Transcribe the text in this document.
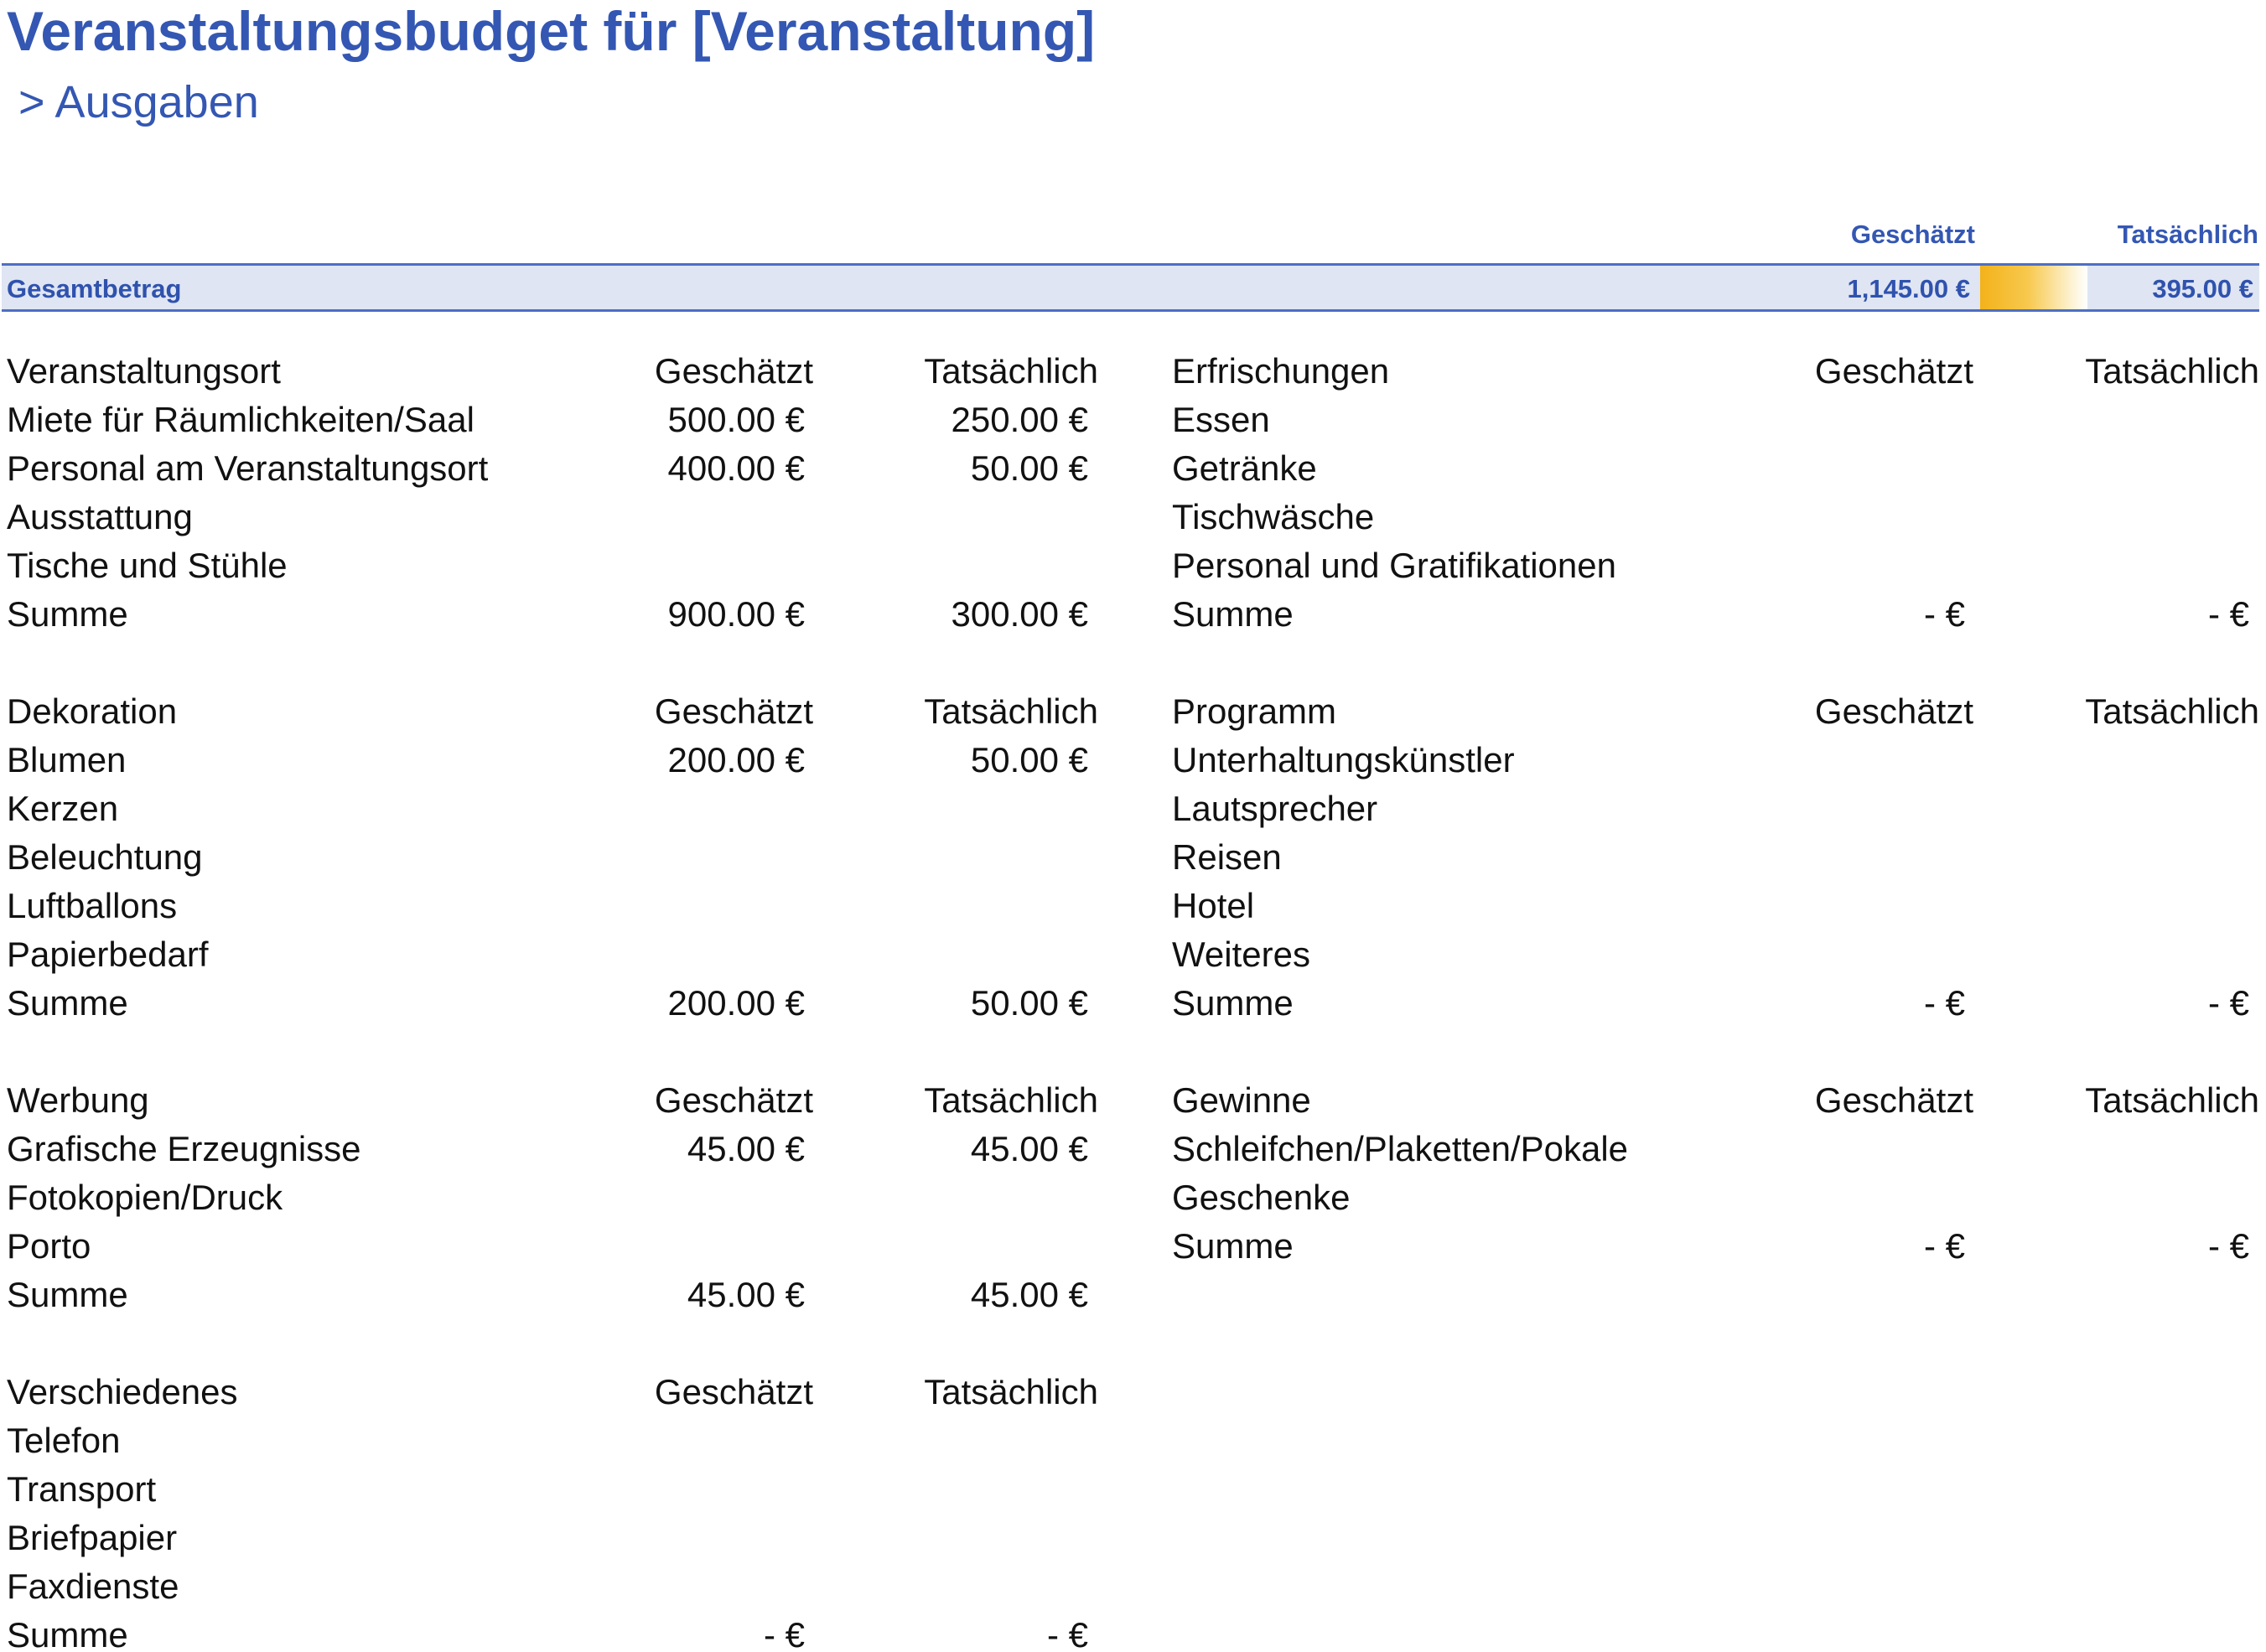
Veranstaltungsbudget für [Veranstaltung]
> Ausgaben
Geschätzt	Tatsächlich
Gesamtbetrag	1,145.00 €	395.00 €
Veranstaltungsort	Geschätzt	Tatsächlich
Miete für Räumlichkeiten/Saal	500.00 €	250.00 €
Personal am Veranstaltungsort	400.00 €	50.00 €
Ausstattung
Tische und Stühle
Summe	900.00 €	300.00 €
Dekoration	Geschätzt	Tatsächlich
Blumen	200.00 €	50.00 €
Kerzen
Beleuchtung
Luftballons
Papierbedarf
Summe	200.00 €	50.00 €
Werbung	Geschätzt	Tatsächlich
Grafische Erzeugnisse	45.00 €	45.00 €
Fotokopien/Druck
Porto
Summe	45.00 €	45.00 €
Verschiedenes	Geschätzt	Tatsächlich
Telefon
Transport
Briefpapier
Faxdienste
Summe	- €	- €
Erfrischungen	Geschätzt	Tatsächlich
Essen
Getränke
Tischwäsche
Personal und Gratifikationen
Summe	- €	- €
Programm	Geschätzt	Tatsächlich
Unterhaltungskünstler
Lautsprecher
Reisen
Hotel
Weiteres
Summe	- €	- €
Gewinne	Geschätzt	Tatsächlich
Schleifchen/Plaketten/Pokale
Geschenke
Summe	- €	- €
